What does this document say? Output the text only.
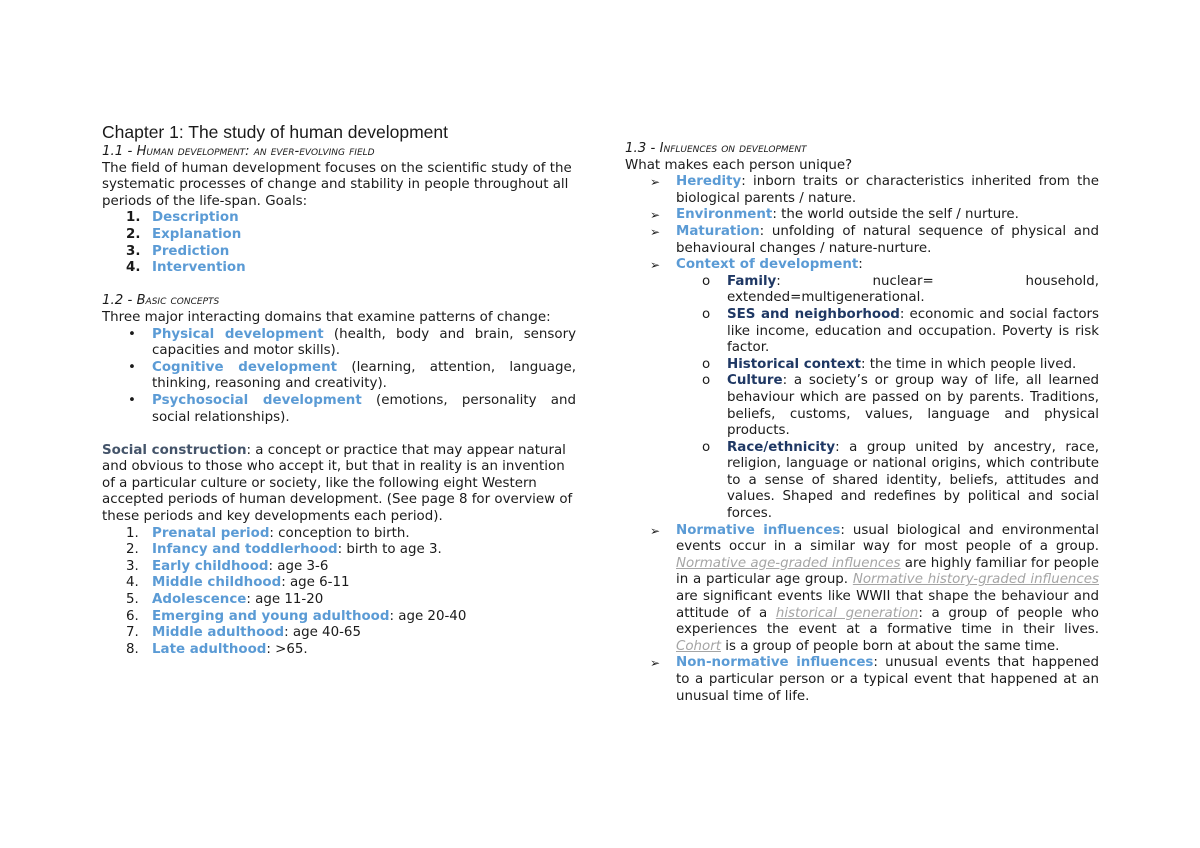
Chapter 1: The study of human development
1.1 - Human development: an ever-evolving field

The field of human development focuses on the scientific study of the systematic processes of change and stability in people throughout all periods of the life-span. Goals:

1. Description
2. Explanation
3. Prediction
4. Intervention
1.2 - Basic concepts

Three major interacting domains that examine patterns of change:

• Physical development (health, body and brain, sensory capacities and motor skills).
• Cognitive development (learning, attention, language, thinking, reasoning and creativity).
• Psychosocial development (emotions, personality and social relationships).

Social construction: a concept or practice that may appear natural and obvious to those who accept it, but that in reality is an invention of a particular culture or society, like the following eight Western accepted periods of human development. (See page 8 for overview of these periods and key developments each period).

1. Prenatal period: conception to birth.
2. Infancy and toddlerhood: birth to age 3.
3. Early childhood: age 3-6
4. Middle childhood: age 6-11
5. Adolescence: age 11-20
6. Emerging and young adulthood: age 20-40
7. Middle adulthood: age 40-65
8. Late adulthood: >65.
1.3 - Influences on development

What makes each person unique?

➢ Heredity: inborn traits or characteristics inherited from the biological parents / nature.
➢ Environment: the world outside the self / nurture.
➢ Maturation: unfolding of natural sequence of physical and behavioural changes / nature-nurture.
➢ Context of development:
o Family: nuclear= household, extended=multigenerational.
o SES and neighborhood: economic and social factors like income, education and occupation. Poverty is risk factor.
o Historical context: the time in which people lived.
o Culture: a society’s or group way of life, all learned behaviour which are passed on by parents. Traditions, beliefs, customs, values, language and physical products.
o Race/ethnicity: a group united by ancestry, race, religion, language or national origins, which contribute to a sense of shared identity, beliefs, attitudes and values. Shaped and redefines by political and social forces.
➢ Normative influences: usual biological and environmental events occur in a similar way for most people of a group. Normative age-graded influences are highly familiar for people in a particular age group. Normative history-graded influences are significant events like WWII that shape the behaviour and attitude of a historical generation: a group of people who experiences the event at a formative time in their lives. Cohort is a group of people born at about the same time.
➢ Non-normative influences: unusual events that happened to a particular person or a typical event that happened at an unusual time of life.
